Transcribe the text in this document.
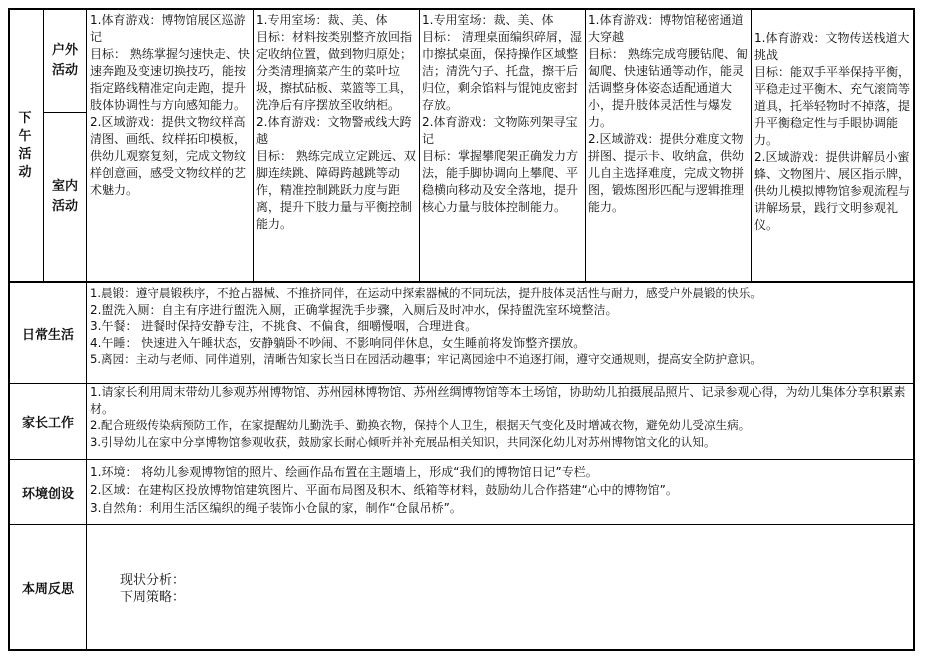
下午活动
户外活动
室内活动

1.体育游戏：博物馆展区巡游记

目标： 熟练掌握匀速快走、快速奔跑及变速切换技巧，能按指定路线精准定向走跑，提升肢体协调性与方向感知能力。

2.区域游戏：提供文物纹样高清图、画纸、纹样拓印模板，供幼儿观察复刻，完成文物纹样创意画，感受文物纹样的艺术魅力。

1.专用室场：裁、美、体

目标：材料按类别整齐放回指定收纳位置，做到物归原处；分类清理摘菜产生的菜叶垃圾，擦拭砧板、菜篮等工具，洗净后有序摆放至收纳柜。

2.体育游戏：文物警戒线大跨越

目标： 熟练完成立定跳远、双脚连续跳、障碍跨越跳等动作，精准控制跳跃力度与距离，提升下肢力量与平衡控制能力。

1.专用室场：裁、美、体

目标： 清理桌面编织碎屑，湿巾擦拭桌面，保持操作区域整洁；清洗勺子、托盘，擦干后归位，剩余馅料与馄饨皮密封存放。

2.体育游戏：文物陈列架寻宝记

目标：掌握攀爬架正确发力方法，能手脚协调向上攀爬、平稳横向移动及安全落地，提升核心力量与肢体控制能力。

1.体育游戏：博物馆秘密通道大穿越

目标： 熟练完成弯腰钻爬、匍匐爬、快速钻通等动作，能灵活调整身体姿态适配通道大小，提升肢体灵活性与爆发力。

2.区域游戏：提供分难度文物拼图、提示卡、收纳盒，供幼儿自主选择难度，完成文物拼图，锻炼图形匹配与逻辑推理能力。

1.体育游戏：文物传送栈道大挑战

目标：能双手平举保持平衡，平稳走过平衡木、充气滚筒等道具，托举轻物时不掉落，提升平衡稳定性与手眼协调能力。

2.区域游戏：提供讲解员小蜜蜂、文物图片、展区指示牌，供幼儿模拟博物馆参观流程与讲解场景，践行文明参观礼仪。

日常生活

1.晨锻：遵守晨锻秩序，不抢占器械、不推挤同伴，在运动中探索器械的不同玩法，提升肢体灵活性与耐力，感受户外晨锻的快乐。

2.盥洗入厕：自主有序进行盥洗入厕，正确掌握洗手步骤，入厕后及时冲水，保持盥洗室环境整洁。

3.午餐： 进餐时保持安静专注，不挑食、不偏食，细嚼慢咽，合理进食。

4.午睡： 快速进入午睡状态，安静躺卧不吵闹、不影响同伴休息，女生睡前将发饰整齐摆放。

5.离园：主动与老师、同伴道别，清晰告知家长当日在园活动趣事；牢记离园途中不追逐打闹，遵守交通规则，提高安全防护意识。

家长工作

1.请家长利用周末带幼儿参观苏州博物馆、苏州园林博物馆、苏州丝绸博物馆等本土场馆，协助幼儿拍摄展品照片、记录参观心得，为幼儿集体分享积累素材。

2.配合班级传染病预防工作，在家提醒幼儿勤洗手、勤换衣物，保持个人卫生，根据天气变化及时增减衣物，避免幼儿受凉生病。

3.引导幼儿在家中分享博物馆参观收获，鼓励家长耐心倾听并补充展品相关知识，共同深化幼儿对苏州博物馆文化的认知。

环境创设

1.环境： 将幼儿参观博物馆的照片、绘画作品布置在主题墙上，形成“我们的博物馆日记”专栏。

2.区域：在建构区投放博物馆建筑图片、平面布局图及积木、纸箱等材料，鼓励幼儿合作搭建“心中的博物馆”。

3.自然角：利用生活区编织的绳子装饰小仓鼠的家，制作“仓鼠吊桥”。

本周反思

现状分析：

下周策略：
